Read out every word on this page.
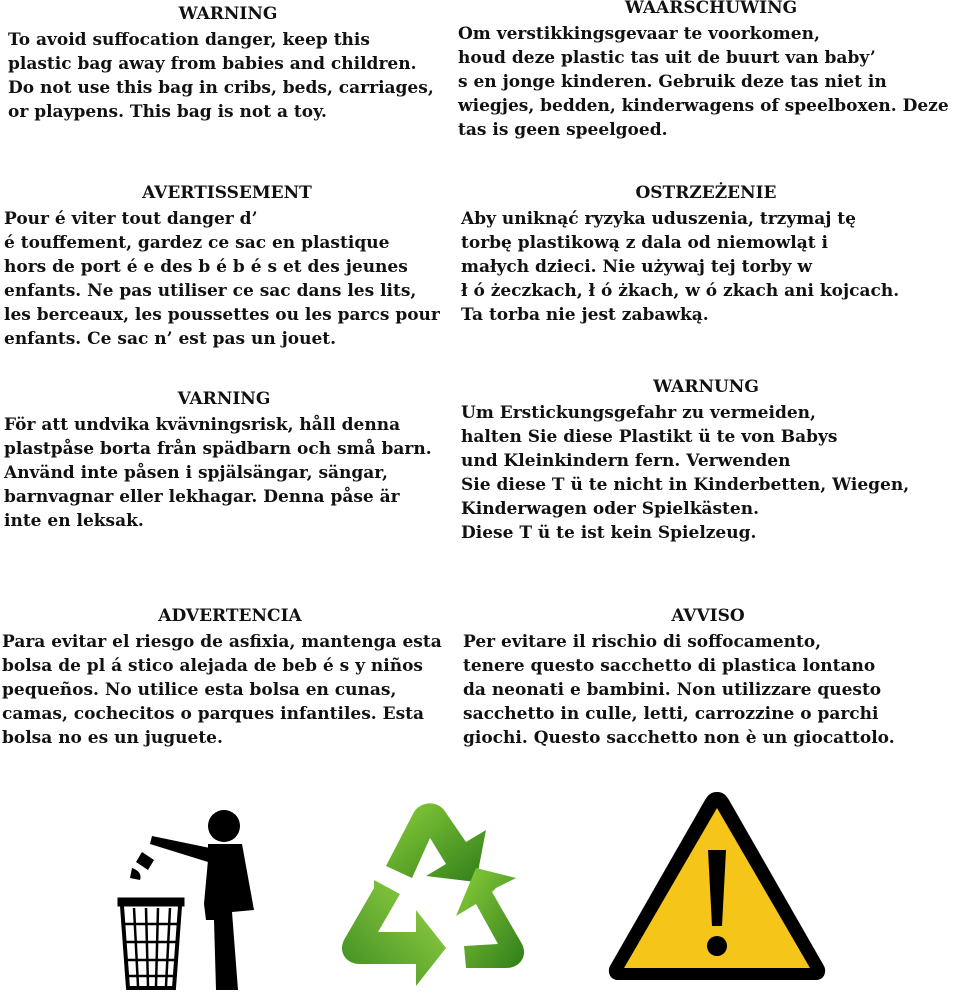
WARNING
To avoid suffocation danger, keep this
plastic bag away from babies and children.
Do not use this bag in cribs, beds, carriages,
or playpens. This bag is not a toy.
WAARSCHUWING
Om verstikkingsgevaar te voorkomen,
houd deze plastic tas uit de buurt van baby’
s en jonge kinderen. Gebruik deze tas niet in
wiegjes, bedden, kinderwagens of speelboxen. Deze
tas is geen speelgoed.
AVERTISSEMENT
Pour é viter tout danger d’
é touffement, gardez ce sac en plastique
hors de port é e des b é b é s et des jeunes
enfants. Ne pas utiliser ce sac dans les lits,
les berceaux, les poussettes ou les parcs pour
enfants. Ce sac n’ est pas un jouet.
OSTRZEŻENIE
Aby uniknąć ryzyka uduszenia, trzymaj tę
torbę plastikową z dala od niemowląt i
małych dzieci. Nie używaj tej torby w
ł ó żeczkach, ł ó żkach, w ó zkach ani kojcach.
Ta torba nie jest zabawką.
VARNING
För att undvika kvävningsrisk, håll denna
plastpåse borta från spädbarn och små barn.
Använd inte påsen i spjälsängar, sängar,
barnvagnar eller lekhagar. Denna påse är
inte en leksak.
WARNUNG
Um Erstickungsgefahr zu vermeiden,
halten Sie diese Plastikt ü te von Babys
und Kleinkindern fern. Verwenden
Sie diese T ü te nicht in Kinderbetten, Wiegen,
Kinderwagen oder Spielkästen.
Diese T ü te ist kein Spielzeug.
ADVERTENCIA
Para evitar el riesgo de asfixia, mantenga esta
bolsa de pl á stico alejada de beb é s y niños
pequeños. No utilice esta bolsa en cunas,
camas, cochecitos o parques infantiles. Esta
bolsa no es un juguete.
AVVISO
Per evitare il rischio di soffocamento,
tenere questo sacchetto di plastica lontano
da neonati e bambini. Non utilizzare questo
sacchetto in culle, letti, carrozzine o parchi
giochi. Questo sacchetto non è un giocattolo.
